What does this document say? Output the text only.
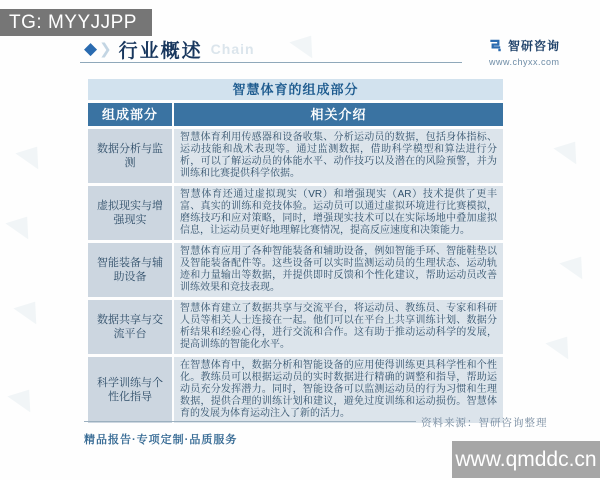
◆ ❯ 行业概述 Chain	智研咨询
www.chyxx.com
智慧体育的组成部分
组成部分	相关介绍
数据分析与监测
智慧体育利用传感器和设备收集、分析运动员的数据，包括身体指标、运动技能和战术表现等。通过监测数据，借助科学模型和算法进行分析，可以了解运动员的体能水平、动作技巧以及潜在的风险预警，并为训练和比赛提供科学依据。
虚拟现实与增强现实
智慧体育还通过虚拟现实（VR）和增强现实（AR）技术提供了更丰富、真实的训练和竞技体验。运动员可以通过虚拟环境进行比赛模拟，磨练技巧和应对策略，同时，增强现实技术可以在实际场地中叠加虚拟信息，让运动员更好地理解比赛情况，提高反应速度和决策能力。
智能装备与辅助设备
智慧体育应用了各种智能装备和辅助设备，例如智能手环、智能鞋垫以及智能装备配件等。这些设备可以实时监测运动员的生理状态、运动轨迹和力量输出等数据，并提供即时反馈和个性化建议，帮助运动员改善训练效果和竞技表现。
数据共享与交流平台
智慧体育建立了数据共享与交流平台，将运动员、教练员、专家和科研人员等相关人士连接在一起。他们可以在平台上共享训练计划、数据分析结果和经验心得，进行交流和合作。这有助于推动运动科学的发展，提高训练的智能化水平。
科学训练与个性化指导
在智慧体育中，数据分析和智能设备的应用使得训练更具科学性和个性化。教练员可以根据运动员的实时数据进行精确的调整和指导，帮助运动员充分发挥潜力。同时，智能设备可以监测运动员的行为习惯和生理数据，提供合理的训练计划和建议，避免过度训练和运动损伤。智慧体育的发展为体育运动注入了新的活力。
资料来源：智研咨询整理
精品报告·专项定制·品质服务
TG: MYYJJPP
www.qmddc.cn
